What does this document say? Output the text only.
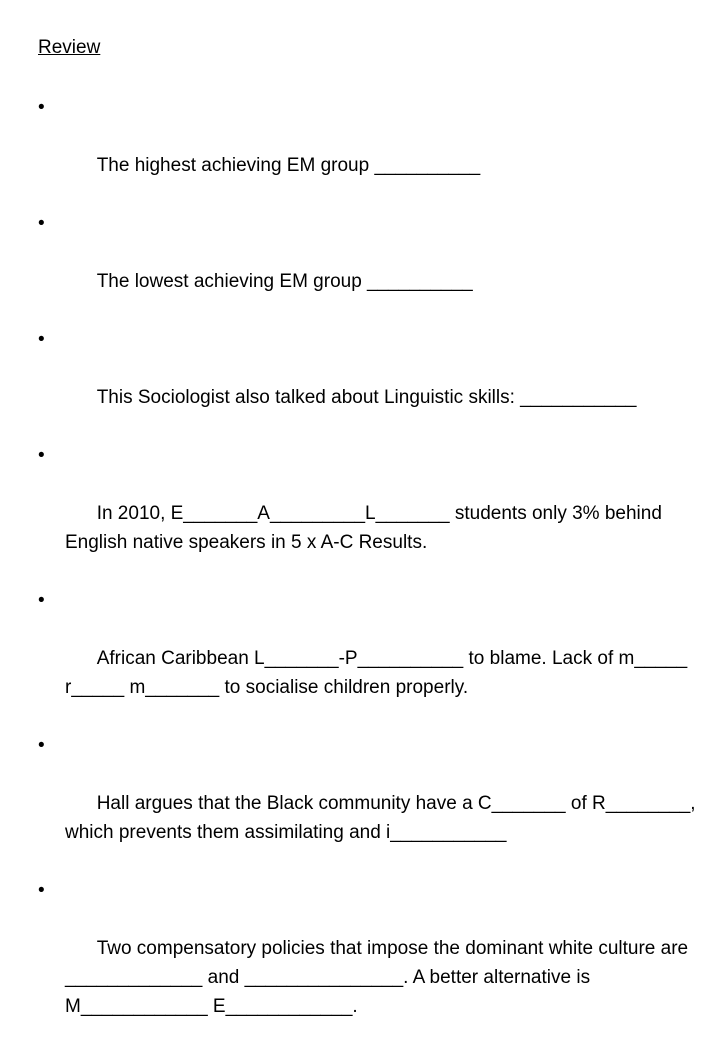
Review

•

The highest achieving EM group __________

•

The lowest achieving EM group __________

•

This Sociologist also talked about Linguistic skills: ___________

•

In 2010, E_______A_________L_______ students only 3% behind English native speakers in 5 x A-C Results.

•

African Caribbean L_______-P__________ to blame. Lack of m_____ r_____ m_______ to socialise children properly.

•

Hall argues that the Black community have a C_______ of R________, which prevents them assimilating and i___________

•

Two compensatory policies that impose the dominant white culture are _____________ and _______________. A better alternative is M____________ E____________.
